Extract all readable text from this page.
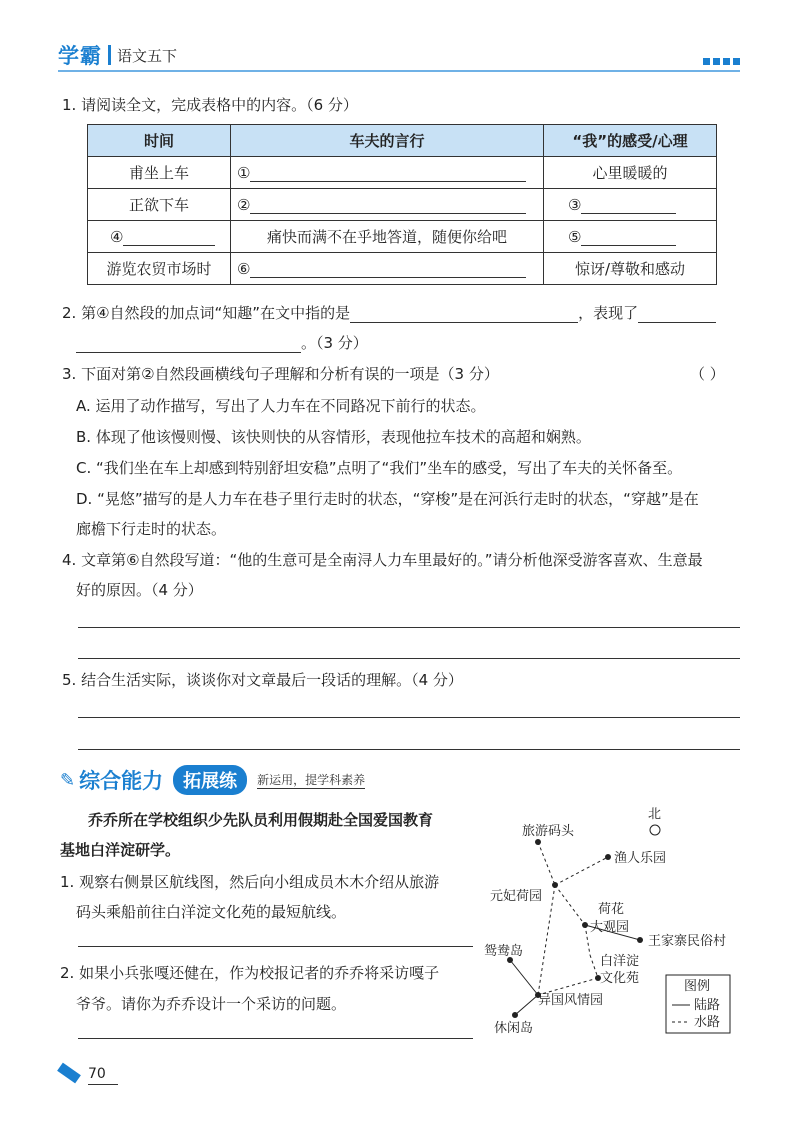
学霸 语文五下
1. 请阅读全文，完成表格中的内容。（6 分）
时间	车夫的言行	“我”的感受/心理
甫坐上车	①	心里暖暖的
正欲下车	②	③
④	痛快而满不在乎地答道，随便你给吧	⑤
游览农贸市场时	⑥	惊讶/尊敬和感动
2. 第④自然段的加点词“知趣”在文中指的是	，表现了
。（3 分）
3. 下面对第②自然段画横线句子理解和分析有误的一项是（3 分）	（ ）
A. 运用了动作描写，写出了人力车在不同路况下前行的状态。
B. 体现了他该慢则慢、该快则快的从容情形，表现他拉车技术的高超和娴熟。
C. “我们坐在车上却感到特别舒坦安稳”点明了“我们”坐车的感受，写出了车夫的关怀备至。
D. “晃悠”描写的是人力车在巷子里行走时的状态，“穿梭”是在河浜行走时的状态，“穿越”是在
廊檐下行走时的状态。
4. 文章第⑥自然段写道：“他的生意可是全南浔人力车里最好的。”请分析他深受游客喜欢、生意最
好的原因。（4 分）
5. 结合生活实际，谈谈你对文章最后一段话的理解。（4 分）
✎ 综合能力	拓展练	新运用，提学科素养
乔乔所在学校组织少先队员利用假期赴全国爱国教育
基地白洋淀研学。
1. 观察右侧景区航线图，然后向小组成员木木介绍从旅游
码头乘船前往白洋淀文化苑的最短航线。
2. 如果小兵张嘎还健在，作为校报记者的乔乔将采访嘎子
爷爷。请你为乔乔设计一个采访的问题。
北
旅游码头
渔人乐园
元妃荷园
荷花
大观园
王家寨民俗村
鸳鸯岛
白洋淀
文化苑
异国风情园
休闲岛
图例
陆路
水路
70
